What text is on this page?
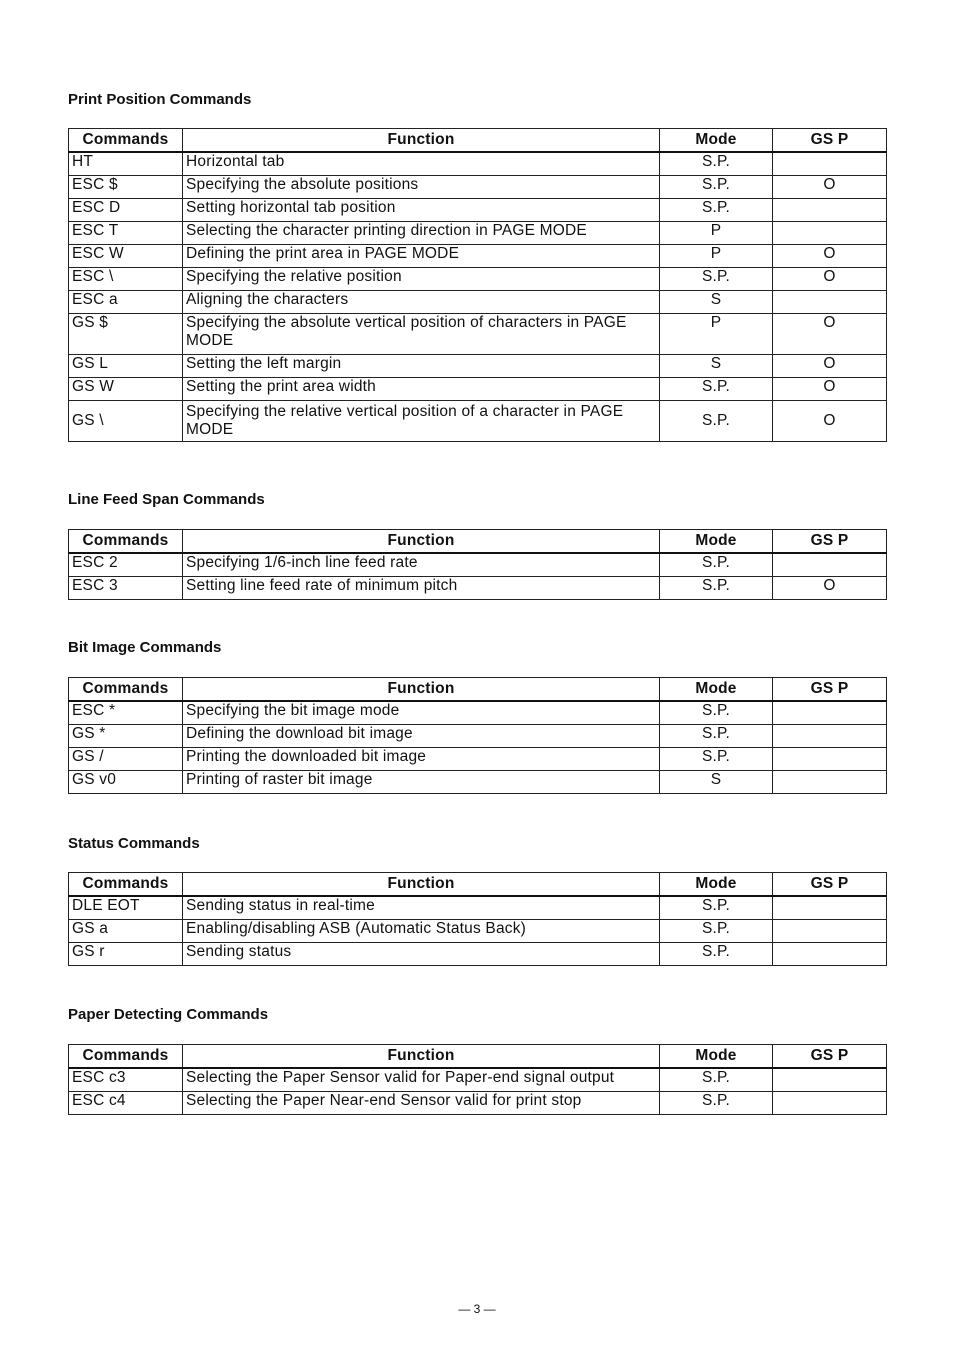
Print Position Commands
Commands	Function	Mode	GS P
HT	Horizontal tab	S.P.	
ESC $	Specifying the absolute positions	S.P.	O
ESC D	Setting horizontal tab position	S.P.	
ESC T	Selecting the character printing direction in PAGE MODE	P	
ESC W	Defining the print area in PAGE MODE	P	O
ESC \	Specifying the relative position	S.P.	O
ESC a	Aligning the characters	S	
GS $	Specifying the absolute vertical position of characters in PAGE MODE	P	O
GS L	Setting the left margin	S	O
GS W	Setting the print area width	S.P.	O
GS \	Specifying the relative vertical position of a character in PAGE MODE	S.P.	O
Line Feed Span Commands
Commands	Function	Mode	GS P
ESC 2	Specifying 1/6-inch line feed rate	S.P.	
ESC 3	Setting line feed rate of minimum pitch	S.P.	O
Bit Image Commands
Commands	Function	Mode	GS P
ESC *	Specifying the bit image mode	S.P.	
GS *	Defining the download bit image	S.P.	
GS /	Printing the downloaded bit image	S.P.	
GS v0	Printing of raster bit image	S	
Status Commands
Commands	Function	Mode	GS P
DLE EOT	Sending status in real-time	S.P.	
GS a	Enabling/disabling ASB (Automatic Status Back)	S.P.	
GS r	Sending status	S.P.	
Paper Detecting Commands
Commands	Function	Mode	GS P
ESC c3	Selecting the Paper Sensor valid for Paper-end signal output	S.P.	
ESC c4	Selecting the Paper Near-end Sensor valid for print stop	S.P.	
— 3 —
